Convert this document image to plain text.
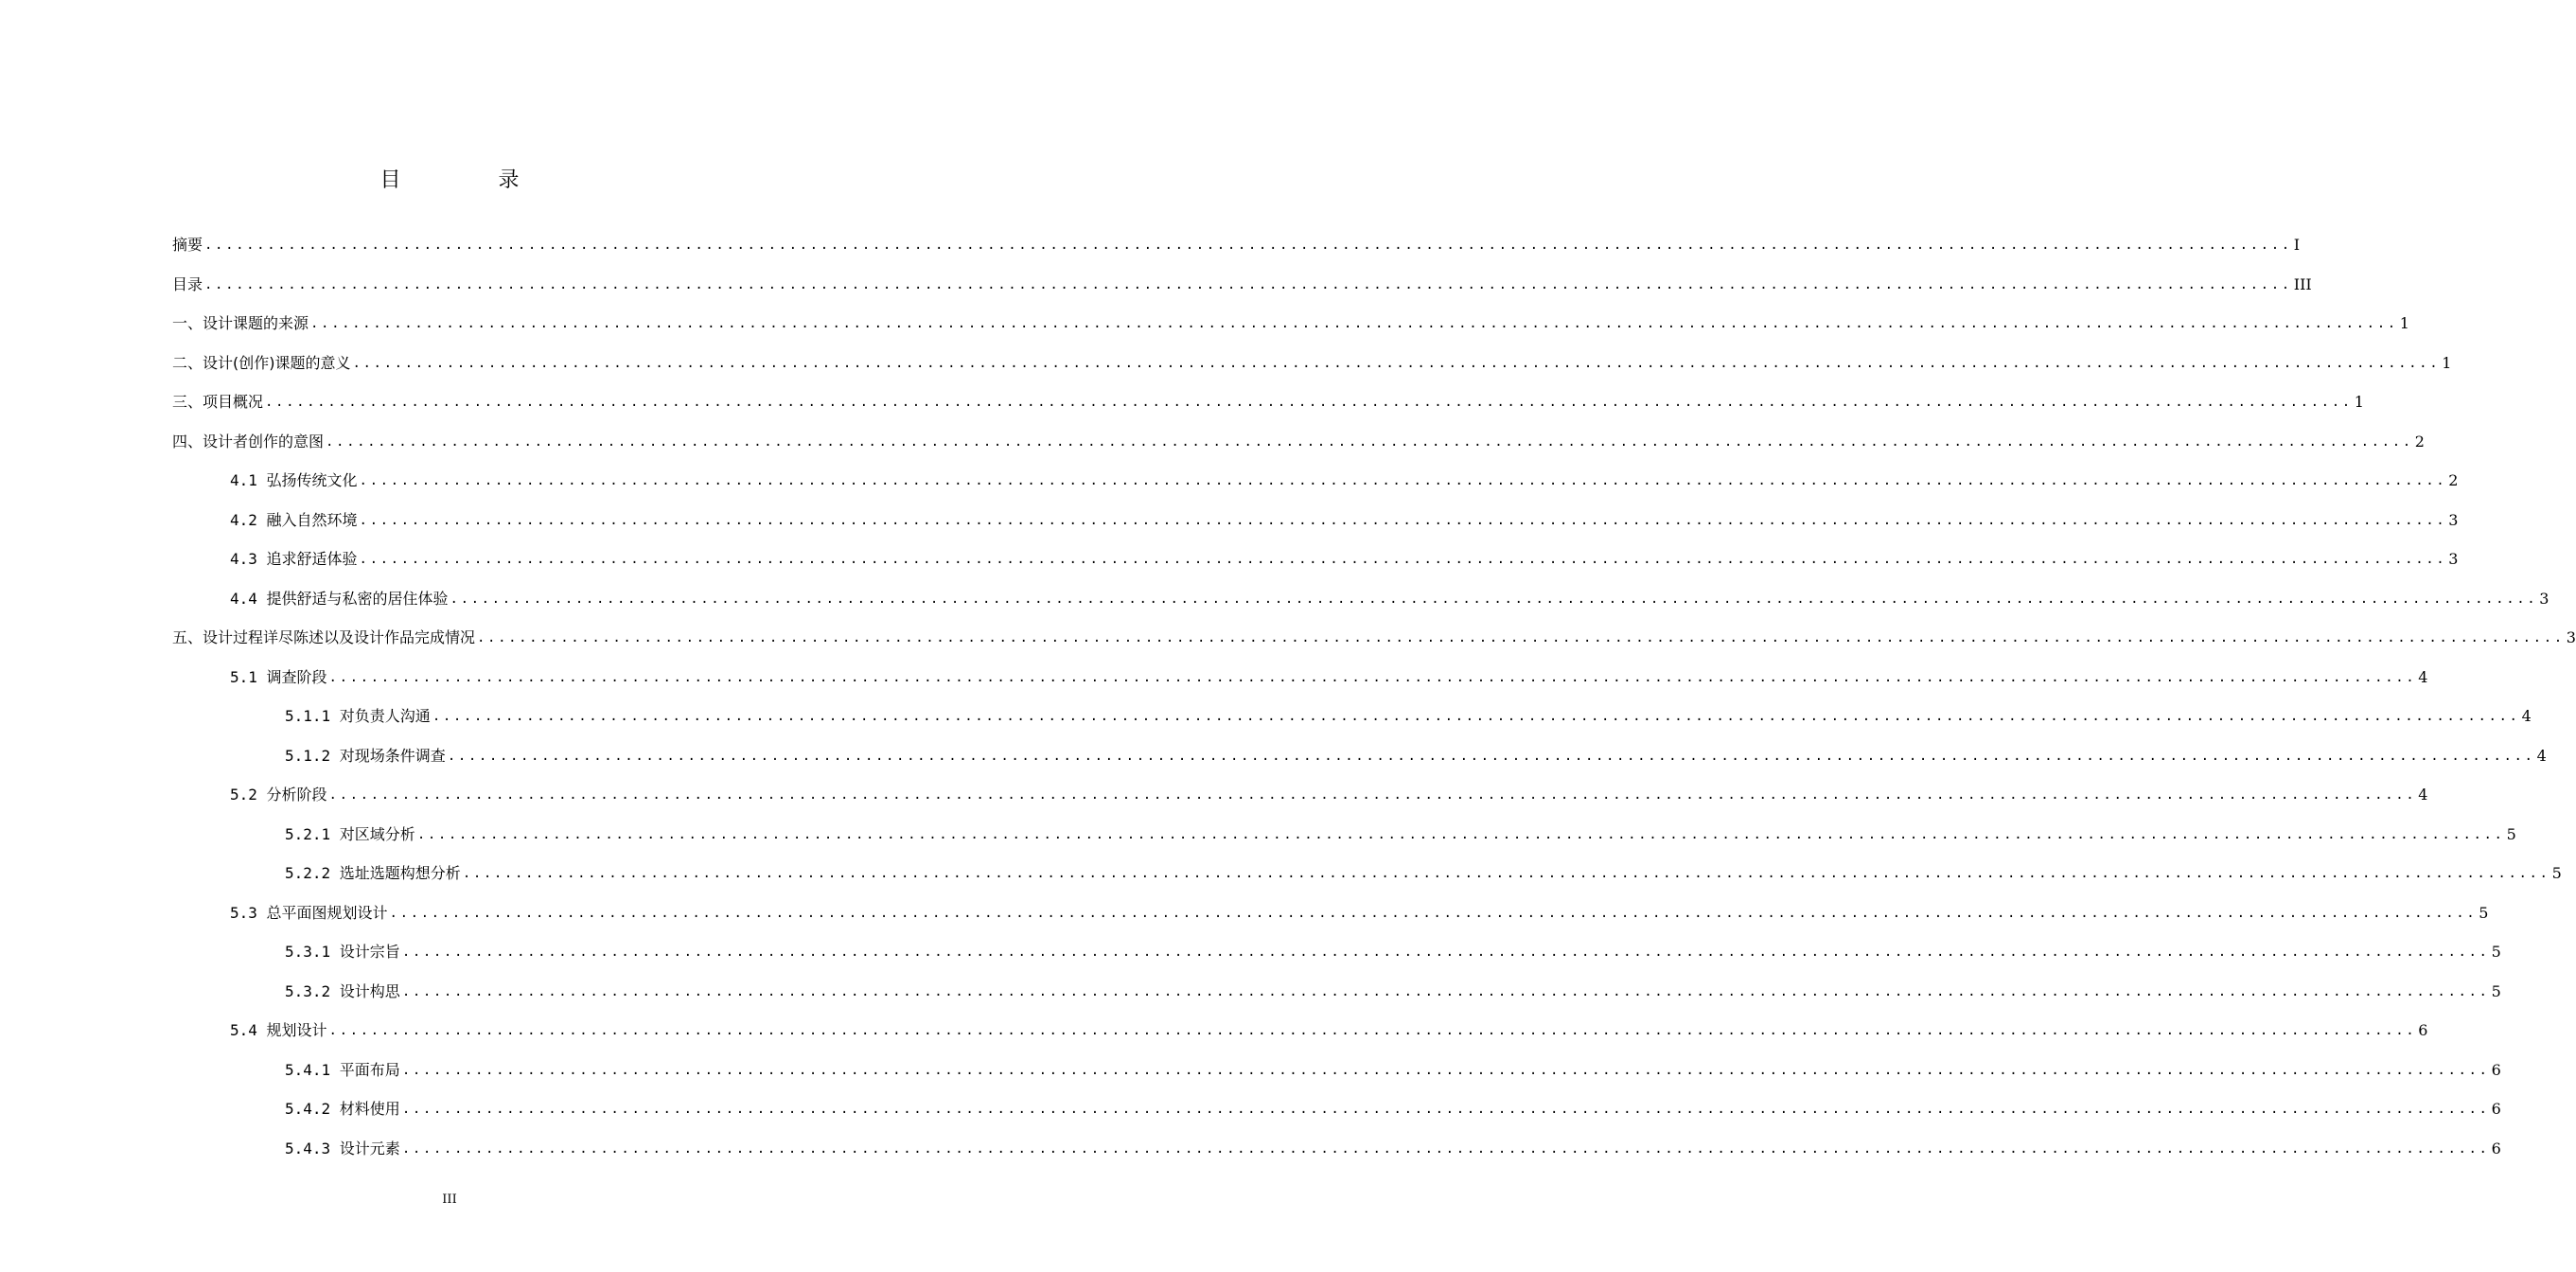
目 录
摘要 ........................................................................................................................................................................................................ I
目录 ........................................................................................................................................................................................................ III
一、设计课题的来源 ........................................................................................................................................................................................................ 1
二、设计(创作)课题的意义 ........................................................................................................................................................................................................ 1
三、项目概况 ........................................................................................................................................................................................................ 1
四、设计者创作的意图 ........................................................................................................................................................................................................ 2
4.1 弘扬传统文化 ........................................................................................................................................................................................................ 2
4.2 融入自然环境 ........................................................................................................................................................................................................ 3
4.3 追求舒适体验 ........................................................................................................................................................................................................ 3
4.4 提供舒适与私密的居住体验 ........................................................................................................................................................................................................ 3
五、设计过程详尽陈述以及设计作品完成情况 ........................................................................................................................................................................................................ 3
5.1 调查阶段 ........................................................................................................................................................................................................ 4
5.1.1 对负责人沟通 ........................................................................................................................................................................................................ 4
5.1.2 对现场条件调查 ........................................................................................................................................................................................................ 4
5.2 分析阶段 ........................................................................................................................................................................................................ 4
5.2.1 对区域分析 ........................................................................................................................................................................................................ 5
5.2.2 选址选题构想分析 ........................................................................................................................................................................................................ 5
5.3 总平面图规划设计 ........................................................................................................................................................................................................ 5
5.3.1 设计宗旨 ........................................................................................................................................................................................................ 5
5.3.2 设计构思 ........................................................................................................................................................................................................ 5
5.4 规划设计 ........................................................................................................................................................................................................ 6
5.4.1 平面布局 ........................................................................................................................................................................................................ 6
5.4.2 材料使用 ........................................................................................................................................................................................................ 6
5.4.3 设计元素 ........................................................................................................................................................................................................ 6
III
